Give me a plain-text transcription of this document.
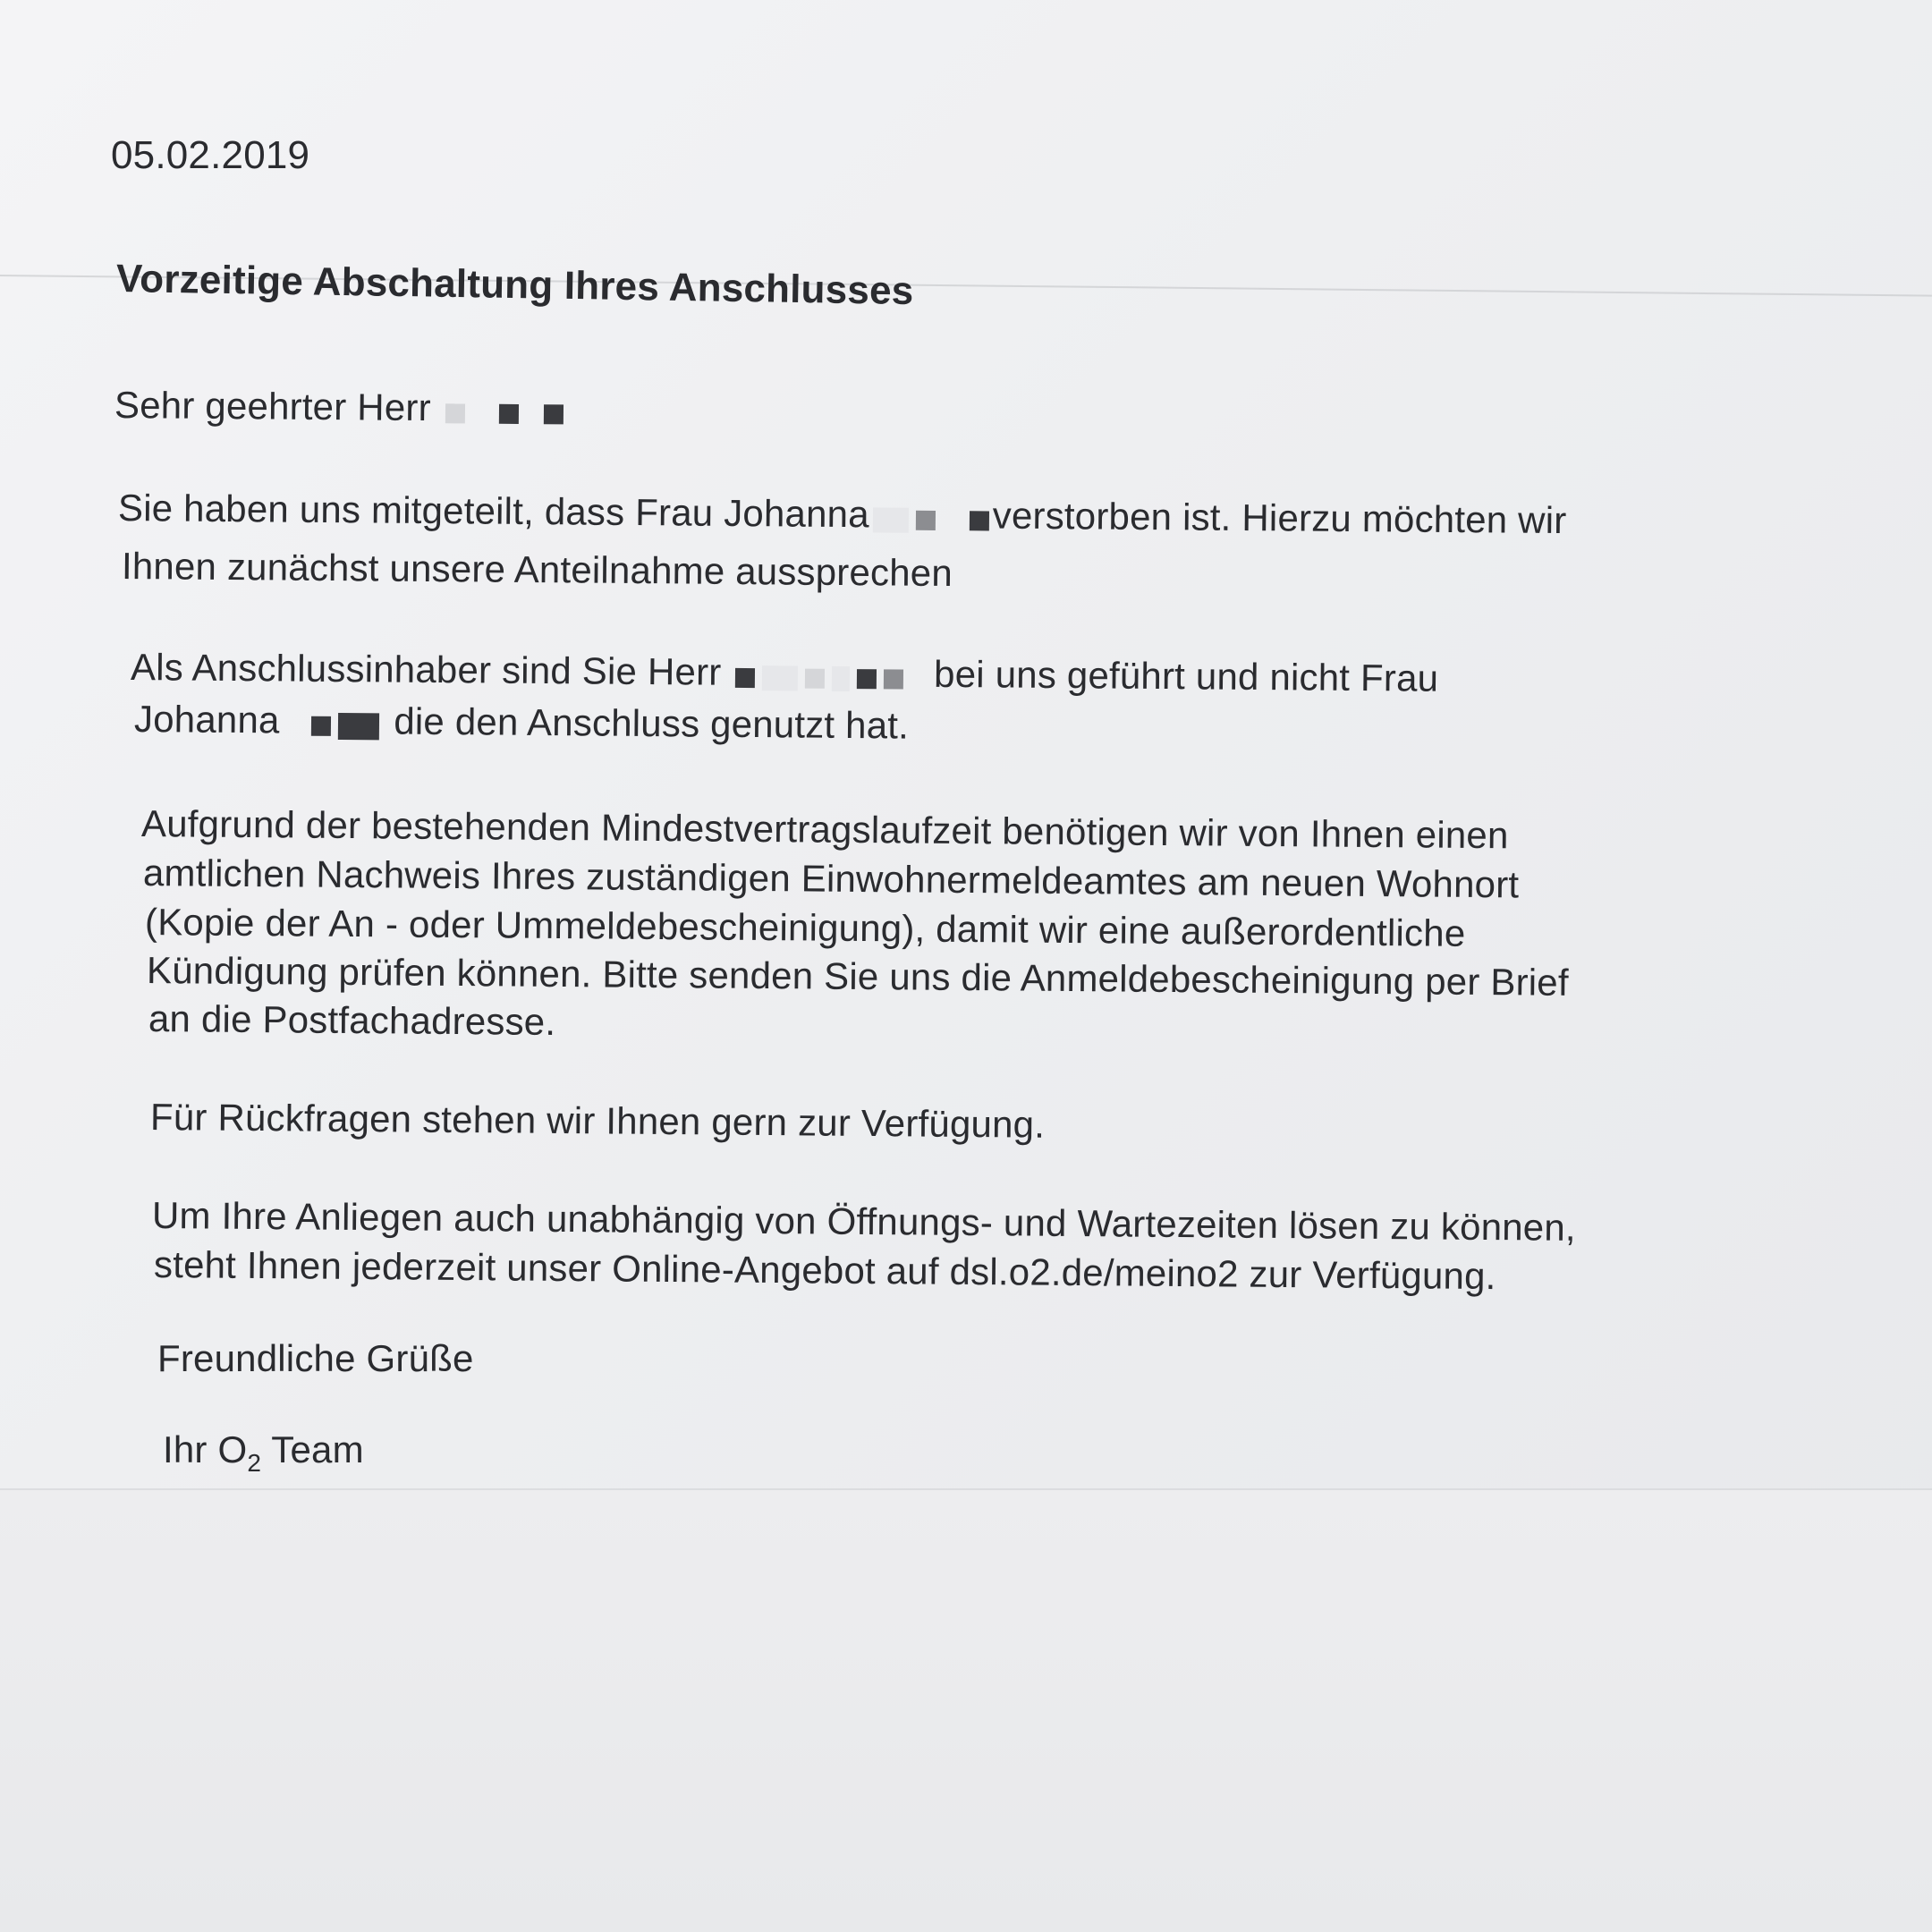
05.02.2019
Vorzeitige Abschaltung Ihres Anschlusses
Sehr geehrter Herr
Sie haben uns mitgeteilt, dass Frau Johanna	verstorben ist. Hierzu möchten wir
Ihnen zunächst unsere Anteilnahme aussprechen
Als Anschlussinhaber sind Sie Herr	bei uns geführt und nicht Frau
Johanna	die den Anschluss genutzt hat.
Aufgrund der bestehenden Mindestvertragslaufzeit benötigen wir von Ihnen einen
amtlichen Nachweis Ihres zuständigen Einwohnermeldeamtes am neuen Wohnort
(Kopie der An - oder Ummeldebescheinigung), damit wir eine außerordentliche
Kündigung prüfen können. Bitte senden Sie uns die Anmeldebescheinigung per Brief
an die Postfachadresse.
Für Rückfragen stehen wir Ihnen gern zur Verfügung.
Um Ihre Anliegen auch unabhängig von Öffnungs- und Wartezeiten lösen zu können,
steht Ihnen jederzeit unser Online-Angebot auf dsl.o2.de/meino2 zur Verfügung.
Freundliche Grüße
Ihr $O_2$ Team
